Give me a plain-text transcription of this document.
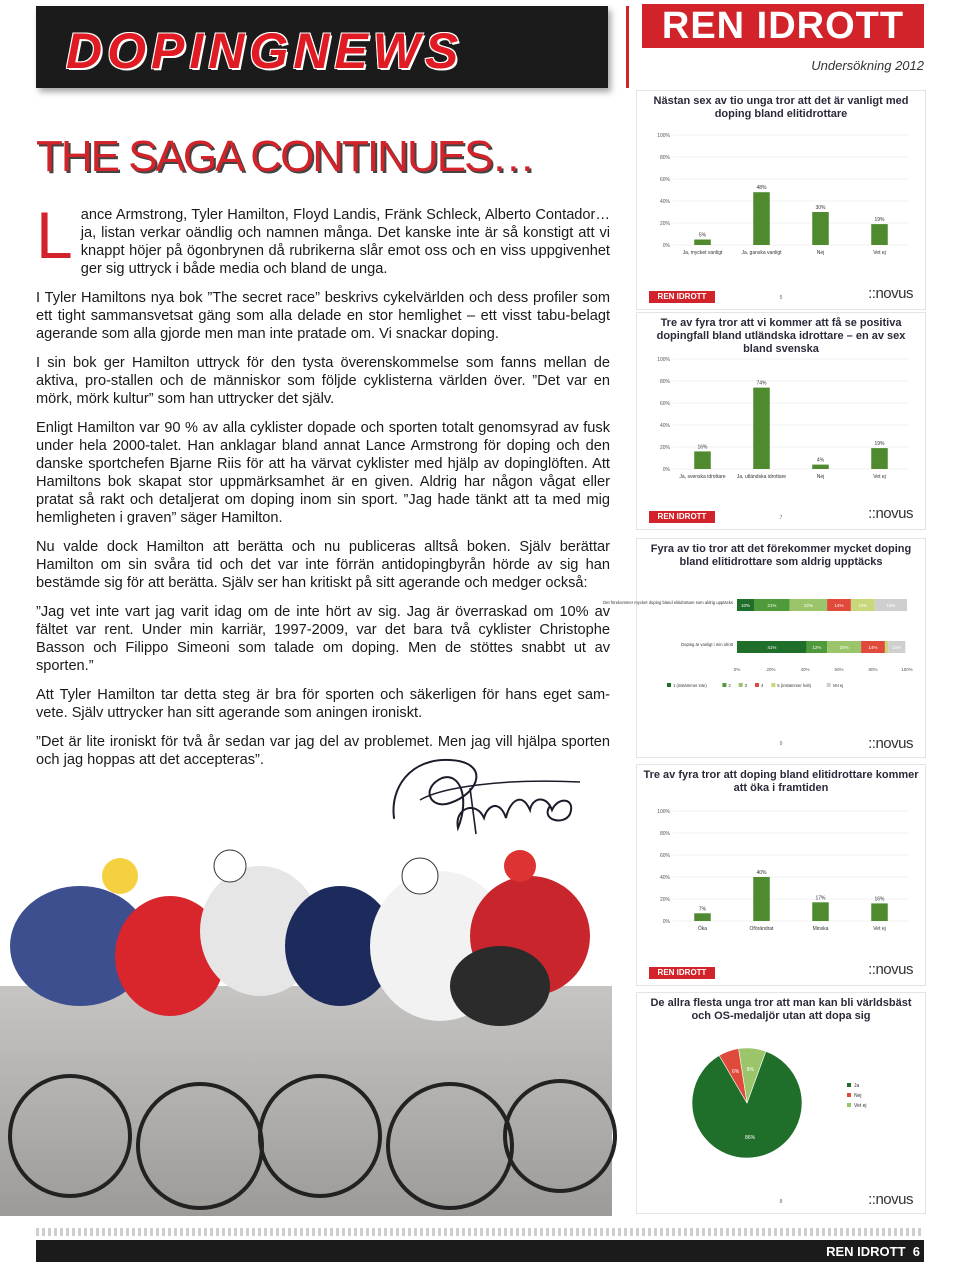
DOPINGNEWS	REN IDROTT
Undersökning 2012
THE SAGA CONTINUES…

Lance Armstrong, Tyler Hamilton, Floyd Landis, Fränk Schleck, Alberto Contador… ja, listan verkar oändlig och namnen många. Det kanske inte är så konstigt att vi knappt höjer på ögonbrynen då rubrikerna slår emot oss och en viss uppgivenhet ger sig uttryck i både media och bland de unga.

I Tyler Hamiltons nya bok ”The secret race” beskrivs cykelvärlden och dess profiler som ett tight sammansvetsat gäng som alla delade en stor hemlighet – ett visst tabu-belagt agerande som alla gjorde men man inte pratade om. Vi snackar doping.

I sin bok ger Hamilton uttryck för den tysta överenskommelse som fanns mellan de aktiva, pro-stallen och de människor som följde cyklisterna världen över. ”Det var en mörk, mörk kultur” som han uttrycker det själv.

Enligt Hamilton var 90 % av alla cyklister dopade och sporten totalt genomsyrad av fusk under hela 2000-talet. Han anklagar bland annat Lance Armstrong för doping och den danske sportchefen Bjarne Riis för att ha värvat cyklister med hjälp av dopinglöften. Att Hamiltons bok skapat stor uppmärksamhet är en given. Aldrig har någon vågat eller pratat så rakt och detaljerat om doping inom sin sport. ”Jag hade tänkt att ta med mig hemligheten i graven” säger Hamilton.

Nu valde dock Hamilton att berätta och nu publiceras alltså boken. Själv berättar Hamilton om sin svåra tid och det var inte förrän antidopingbyrån hörde av sig han bestämde sig för att berätta. Själv ser han kritiskt på sitt agerande och medger också:

”Jag vet inte vart jag varit idag om de inte hört av sig. Jag är överraskad om 10% av fältet var rent. Under min karriär, 1997-2009, var det bara två cyklister Christophe Basson och Filippo Simeoni som talade om doping. Men de stöttes snabbt ut av sporten.”

Att Tyler Hamilton tar detta steg är bra för sporten och säkerligen för hans eget sam-vete. Själv uttrycker han sitt agerande som aningen ironiskt.

”Det är lite ironiskt för två år sedan var jag del av problemet. Men jag vill hjälpa sporten och jag hoppas att det accepteras”.

Nästan sex av tio unga tror att det är vanligt med doping bland elitidrottare
0%
20%
40%
60%
80%
100%
5%
Ja, mycket vanligt
48%
Ja, ganska vanligt
30%
Nej
19%
Vet ej
REN IDROTT	5	::novus
Tre av fyra tror att vi kommer att få se positiva dopingfall bland utländska idrottare – en av sex bland svenska
0%
20%
40%
60%
80%
100%
16%
Ja, svenska idrottare
74%
Ja, utländska idrottare
4%
Nej
19%
Vet ej
REN IDROTT	7	::novus
Fyra av tio tror att det förekommer mycket doping bland elitidrottare som aldrig upptäcks
Det förekommer mycket doping bland elitidrottare som aldrig upptäcks
10%	21%	22%	14%	14%	19%
Doping är vanligt i min idrott
41%	12%	20%	14%	10%
0%	20%	40%	60%	80%	100%
1 (instämmer inte)	2	3	4	5 (instämmer helt)	Vet ej
9	::novus
Tre av fyra tror att doping bland elitidrottare kommer att öka i framtiden
0%
20%
40%
60%
80%
100%
7%
Öka
40%
Oförändrat
17%
Minska
16%
Vet ej
REN IDROTT	::novus
De allra flesta unga tror att man kan bli världsbäst och OS-medaljör utan att dopa sig
86%
Ja
6%
Nej
8%
Vet ej
8	::novus
REN IDROTT 6
